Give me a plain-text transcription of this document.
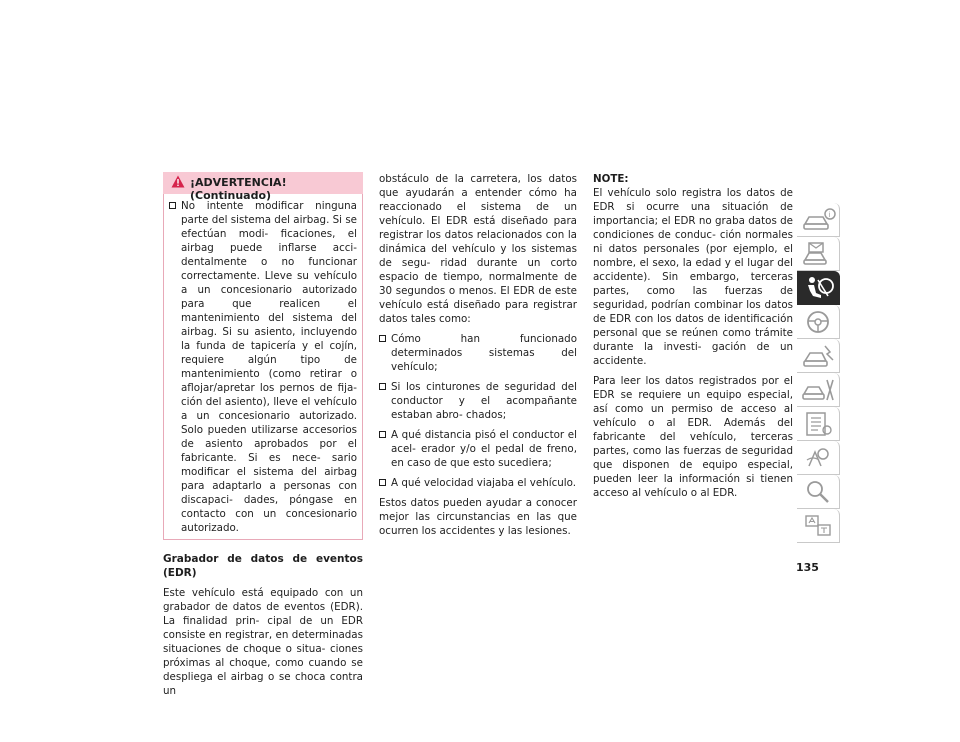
No intente modificar ninguna parte del sistema del airbag. Si se efectúan modi- ficaciones, el airbag puede inflarse acci- dentalmente o no funcionar correctamente. Lleve su vehículo a un concesionario autorizado para que realicen el mantenimiento del sistema del airbag. Si su asiento, incluyendo la funda de tapicería y el cojín, requiere algún tipo de mantenimiento (como retirar o aflojar/apretar los pernos de fija- ción del asiento), lleve el vehículo a un concesionario autorizado. Solo pueden utilizarse accesorios de asiento aprobados por el fabricante. Si es nece- sario modificar el sistema del airbag para adaptarlo a personas con discapaci- dades, póngase en contacto con un concesionario autorizado.

Grabador de datos de eventos (EDR)

Este vehículo está equipado con un grabador de datos de eventos (EDR). La finalidad prin- cipal de un EDR consiste en registrar, en determinadas situaciones de choque o situa- ciones próximas al choque, como cuando se despliega el airbag o se choca contra un

¡ADVERTENCIA! (Continuado)

obstáculo de la carretera, los datos que ayudarán a entender cómo ha reaccionado el sistema de un vehículo. El EDR está diseñado para registrar los datos relacionados con la dinámica del vehículo y los sistemas de segu- ridad durante un corto espacio de tiempo, normalmente de 30 segundos o menos. El EDR de este vehículo está diseñado para registrar datos tales como:

Cómo han funcionado determinados sistemas del vehículo;
Si los cinturones de seguridad del conductor y el acompañante estaban abro- chados;
A qué distancia pisó el conductor el acel- erador y/o el pedal de freno, en caso de que esto sucediera;
A qué velocidad viajaba el vehículo.

Estos datos pueden ayudar a conocer mejor las circunstancias en las que ocurren los accidentes y las lesiones.

NOTE:

El vehículo solo registra los datos de EDR si ocurre una situación de importancia; el EDR no graba datos de condiciones de conduc- ción normales ni datos personales (por ejemplo, el nombre, el sexo, la edad y el lugar del accidente). Sin embargo, terceras partes, como las fuerzas de seguridad, podrían combinar los datos de EDR con los datos de identificación personal que se reúnen como trámite durante la investi- gación de un accidente.

Para leer los datos registrados por el EDR se requiere un equipo especial, así como un permiso de acceso al vehículo o al EDR. Además del fabricante del vehículo, terceras partes, como las fuerzas de seguridad que disponen de equipo especial, pueden leer la información si tienen acceso al vehículo o al EDR.

135
i
